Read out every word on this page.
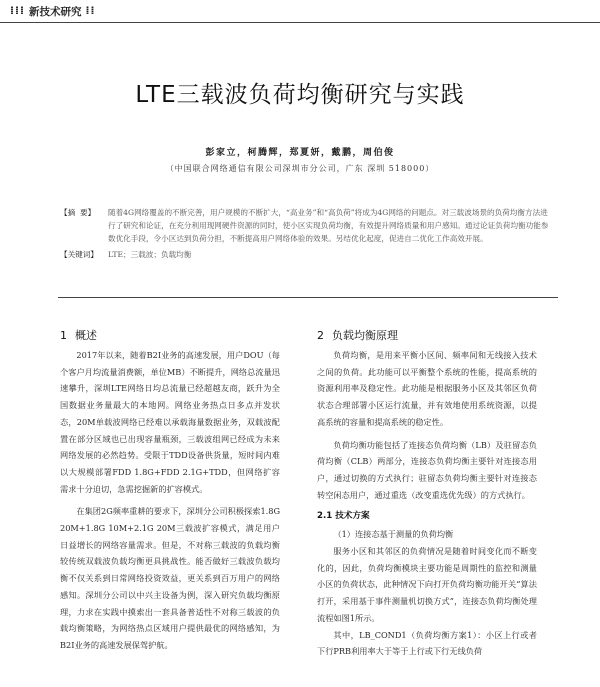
⁞⁞⁞ 新技术研究 ⁞⁞
LTE三载波负荷均衡研究与实践
彭家立，柯腾辉，郑夏妍，戴鹏，周伯俊
（中国联合网络通信有限公司深圳市分公司，广东 深圳 518000）
【摘  要】	随着4G网络覆盖的不断完善，用户规模的不断扩大，“高业务”和“高负荷”将成为4G网络的问题点。对三载波场景的负荷均衡方法进行了研究和论证，在充分利用现网硬件资源的同时，使小区实现负荷均衡，有效提升网络质量和用户感知。通过论证负荷均衡功能参数优化手段，令小区达到负荷分担，不断提高用户网络体验的效果。另结优化起度，促进自二优化工作高效开展。
【关键词】	LTE；三载波；负载均衡
1 概述

2017年以来，随着B2I业务的高速发展，用户DOU（每个客户月均流量消费额，单位MB）不断提升，网络总流量迅速攀升，深圳LTE网络日均总流量已经超越友商，跃升为全国数据业务量最大的本地网。网络业务热点日多点并发状态，20M单载波网络已经难以承载海量数据业务，双载波配置在部分区域也已出现容量瓶颈，三载波组网已经成为未来网络发展的必然趋势。受限于TDD设备供货量，短时间内难以大规模部署FDD 1.8G+FDD 2.1G+TDD，但网络扩容需求十分迫切，急需挖掘新的扩容模式。

在集团2G频率重耕的要求下，深圳分公司积极探索1.8G 20M+1.8G 10M+2.1G 20M三载波扩容模式，满足用户日益增长的网络容量需求。但是，不对称三载波的负载均衡较传统双载波负载均衡更具挑战性。能否做好三载波负载均衡不仅关系到日常网络投资效益，更关系到百万用户的网络感知。深圳分公司以中兴主设备为例，深入研究负载均衡原理，力求在实践中摸索出一套具备普适性不对称三载波的负载均衡策略，为网络热点区域用户提供最优的网络感知，为B2I业务的高速发展保驾护航。

2 负载均衡原理

负荷均衡，是用来平衡小区间、频率间和无线接入技术之间的负荷。此功能可以平衡整个系统的性能，提高系统的资源利用率及稳定性。此功能是根据服务小区及其邻区负荷状态合理部署小区运行流量，并有效地使用系统资源，以提高系统的容量和提高系统的稳定性。

负荷均衡功能包括了连接态负荷均衡（LB）及驻留态负荷均衡（CLB）两部分，连接态负荷均衡主要针对连接态用户，通过切换的方式执行；驻留态负荷均衡主要针对连接态转空闲态用户，通过重选（改变重选优先级）的方式执行。

2.1 技术方案
（1）连接态基于测量的负荷均衡

服务小区和其邻区的负荷情况是随着时间变化而不断变化的，因此，负荷均衡模块主要功能是周期性的监控和测量小区的负荷状态，此种情况下向打开负荷均衡功能开关“算法打开，采用基于事件测量机切换方式”，连接态负荷均衡处理流程如图1所示。

其中，LB_COND1（负荷均衡方案1）：小区上行或者下行PRB利用率大于等于上行或下行无线负荷
